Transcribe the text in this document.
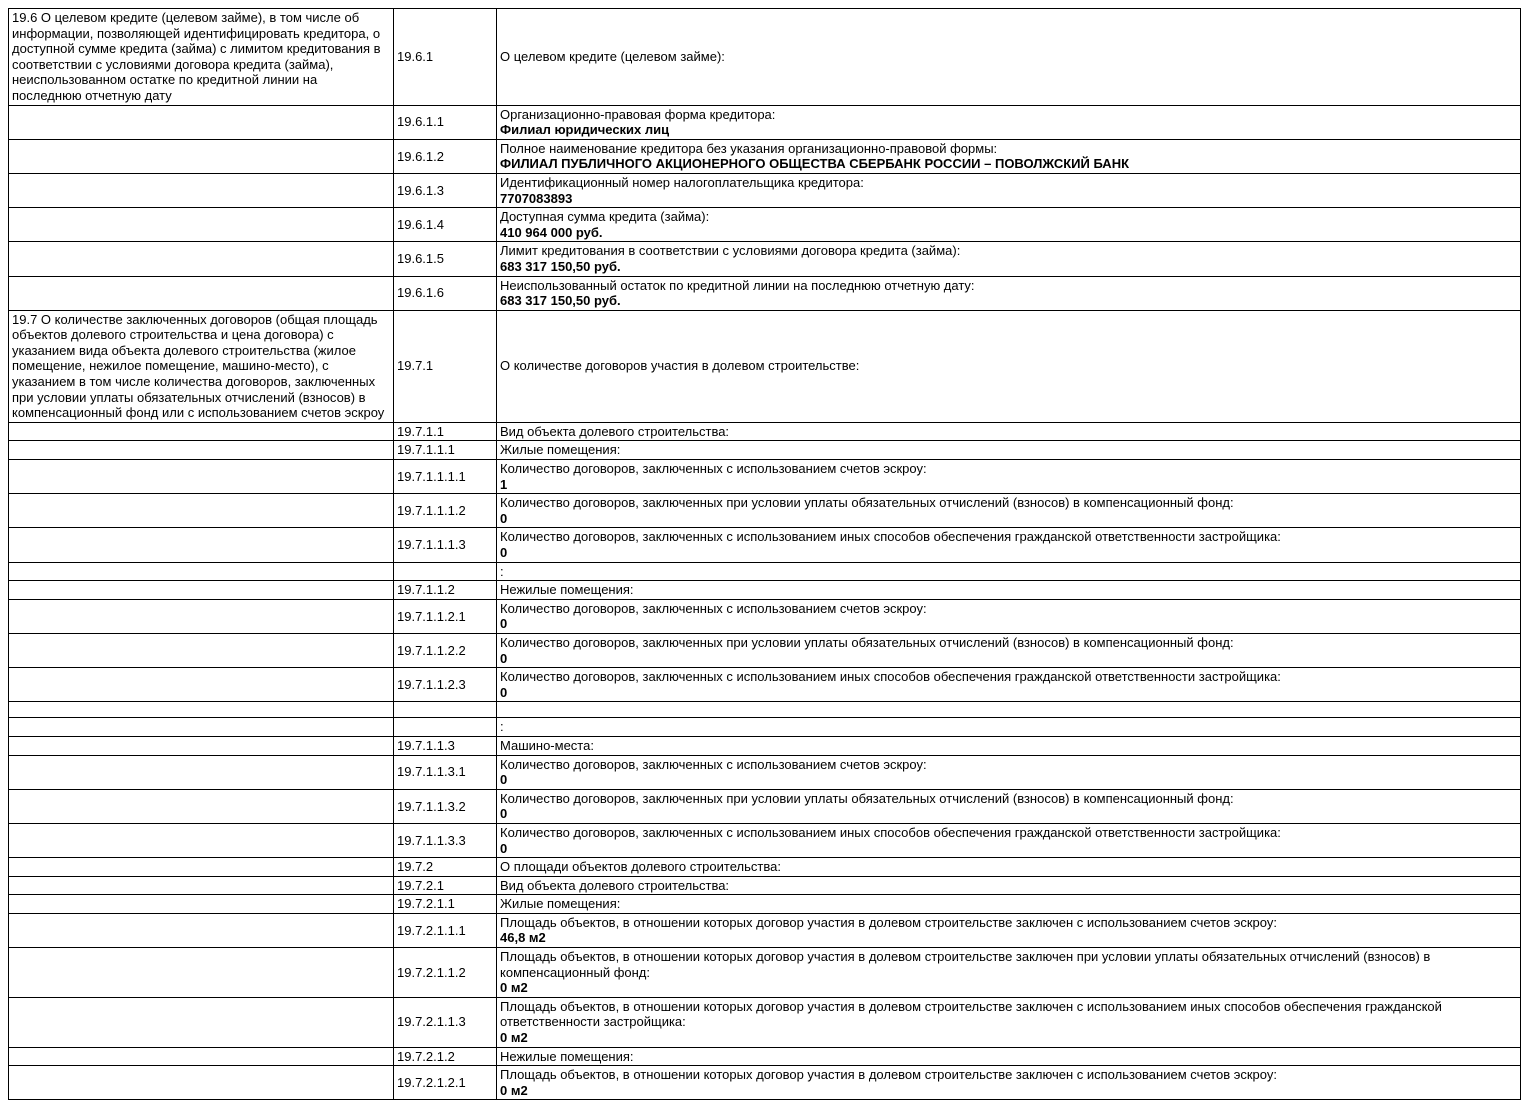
19.6 О целевом кредите (целевом займе), в том числе об информации, позволяющей идентифицировать кредитора, о доступной сумме кредита (займа) с лимитом кредитования в соответствии с условиями договора кредита (займа), неиспользованном остатке по кредитной линии на последнюю отчетную дату	19.6.1	О целевом кредите (целевом займе):

	19.6.1.1	Организационно-правовая форма кредитора:
Филиал юридических лиц

	19.6.1.2	Полное наименование кредитора без указания организационно-правовой формы:
ФИЛИАЛ ПУБЛИЧНОГО АКЦИОНЕРНОГО ОБЩЕСТВА СБЕРБАНК РОССИИ – ПОВОЛЖСКИЙ БАНК

	19.6.1.3	Идентификационный номер налогоплательщика кредитора:
7707083893

	19.6.1.4	Доступная сумма кредита (займа):
410 964 000 руб.

	19.6.1.5	Лимит кредитования в соответствии с условиями договора кредита (займа):
683 317 150,50 руб.

	19.6.1.6	Неиспользованный остаток по кредитной линии на последнюю отчетную дату:
683 317 150,50 руб.

19.7 О количестве заключенных договоров (общая площадь объектов долевого строительства и цена договора) с указанием вида объекта долевого строительства (жилое помещение, нежилое помещение, машино-место), с указанием в том числе количества договоров, заключенных при условии уплаты обязательных отчислений (взносов) в компенсационный фонд или с использованием счетов эскроу	19.7.1	О количестве договоров участия в долевом строительстве:

	19.7.1.1	Вид объекта долевого строительства:

	19.7.1.1.1	Жилые помещения:

	19.7.1.1.1.1	Количество договоров, заключенных с использованием счетов эскроу:
1

	19.7.1.1.1.2	Количество договоров, заключенных при условии уплаты обязательных отчислений (взносов) в компенсационный фонд:
0

	19.7.1.1.1.3	Количество договоров, заключенных с использованием иных способов обеспечения гражданской ответственности застройщика:
0

		:

	19.7.1.1.2	Нежилые помещения:

	19.7.1.1.2.1	Количество договоров, заключенных с использованием счетов эскроу:
0

	19.7.1.1.2.2	Количество договоров, заключенных при условии уплаты обязательных отчислений (взносов) в компенсационный фонд:
0

	19.7.1.1.2.3	Количество договоров, заключенных с использованием иных способов обеспечения гражданской ответственности застройщика:
0

		:

	19.7.1.1.3	Машино-места:

	19.7.1.1.3.1	Количество договоров, заключенных с использованием счетов эскроу:
0

	19.7.1.1.3.2	Количество договоров, заключенных при условии уплаты обязательных отчислений (взносов) в компенсационный фонд:
0

	19.7.1.1.3.3	Количество договоров, заключенных с использованием иных способов обеспечения гражданской ответственности застройщика:
0

	19.7.2	О площади объектов долевого строительства:

	19.7.2.1	Вид объекта долевого строительства:

	19.7.2.1.1	Жилые помещения:

	19.7.2.1.1.1	Площадь объектов, в отношении которых договор участия в долевом строительстве заключен с использованием счетов эскроу:
46,8 м2

	19.7.2.1.1.2	Площадь объектов, в отношении которых договор участия в долевом строительстве заключен при условии уплаты обязательных отчислений (взносов) в компенсационный фонд:
0 м2

	19.7.2.1.1.3	Площадь объектов, в отношении которых договор участия в долевом строительстве заключен с использованием иных способов обеспечения гражданской ответственности застройщика:
0 м2

	19.7.2.1.2	Нежилые помещения:

	19.7.2.1.2.1	Площадь объектов, в отношении которых договор участия в долевом строительстве заключен с использованием счетов эскроу:
0 м2
